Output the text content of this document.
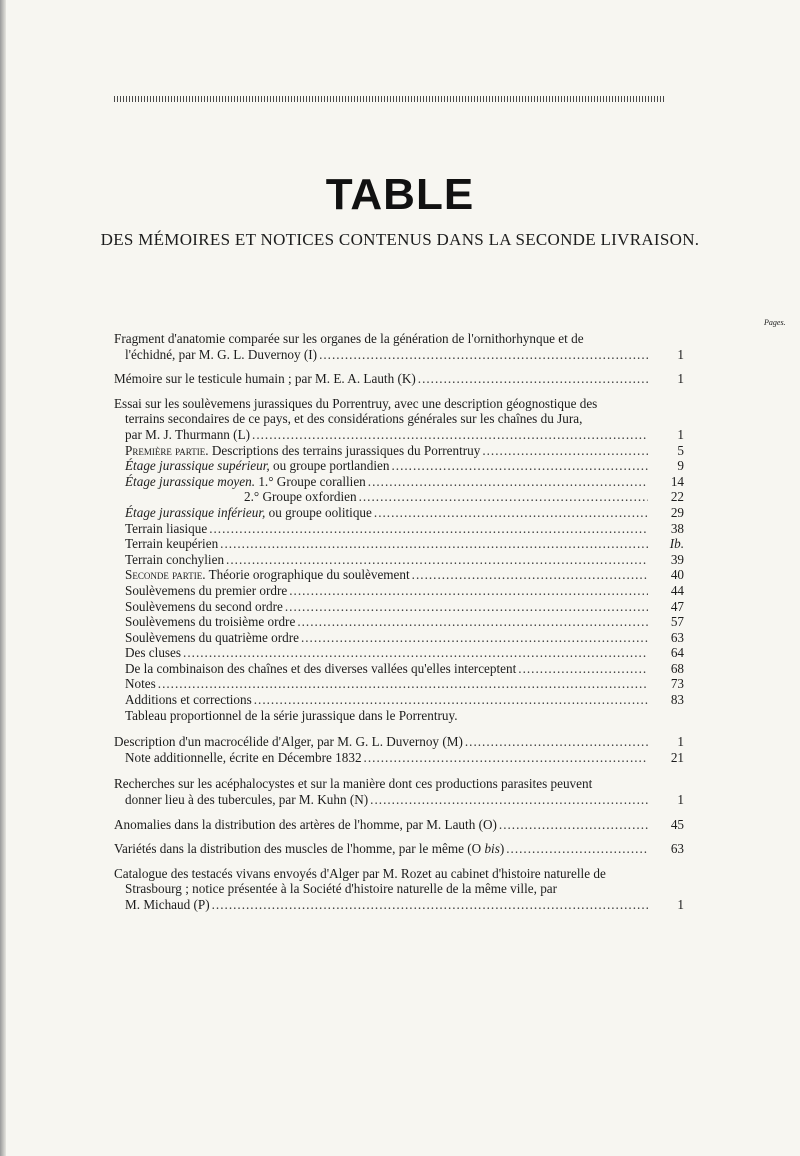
TABLE
DES MÉMOIRES ET NOTICES CONTENUS DANS LA SECONDE LIVRAISON.
Pages.
Fragment d'anatomie comparée sur les organes de la génération de l'ornithorhynque et de
l'échidné, par M. G. L. Duvernoy (I) .....	1
Mémoire sur le testicule humain ; par M. E. A. Lauth (K) .....	1
Essai sur les soulèvemens jurassiques du Porrentruy, avec une description géognostique des
terrains secondaires de ce pays, et des considérations générales sur les chaînes du Jura,
par M. J. Thurmann (L) .....	1
Première partie. Descriptions des terrains jurassiques du Porrentruy .....	5
Étage jurassique supérieur, ou groupe portlandien .....	9
Étage jurassique moyen. 1.° Groupe corallien .....	14
2.° Groupe oxfordien .....	22
Étage jurassique inférieur, ou groupe oolitique .....	29
Terrain liasique .....	38
Terrain keupérien .....	Ib.
Terrain conchylien .....	39
Seconde partie. Théorie orographique du soulèvement .....	40
Soulèvemens du premier ordre .....	44
Soulèvemens du second ordre .....	47
Soulèvemens du troisième ordre .....	57
Soulèvemens du quatrième ordre .....	63
Des cluses .....	64
De la combinaison des chaînes et des diverses vallées qu'elles interceptent .....	68
Notes .....	73
Additions et corrections .....	83
Tableau proportionnel de la série jurassique dans le Porrentruy.
Description d'un macrocélide d'Alger, par M. G. L. Duvernoy (M) .....	1
Note additionnelle, écrite en Décembre 1832 .....	21
Recherches sur les acéphalocystes et sur la manière dont ces productions parasites peuvent
donner lieu à des tubercules, par M. Kuhn (N) .....	1
Anomalies dans la distribution des artères de l'homme, par M. Lauth (O) .....	45
Variétés dans la distribution des muscles de l'homme, par le même (O bis) .....	63
Catalogue des testacés vivans envoyés d'Alger par M. Rozet au cabinet d'histoire naturelle de
Strasbourg ; notice présentée à la Société d'histoire naturelle de la même ville, par
M. Michaud (P) .....	1
